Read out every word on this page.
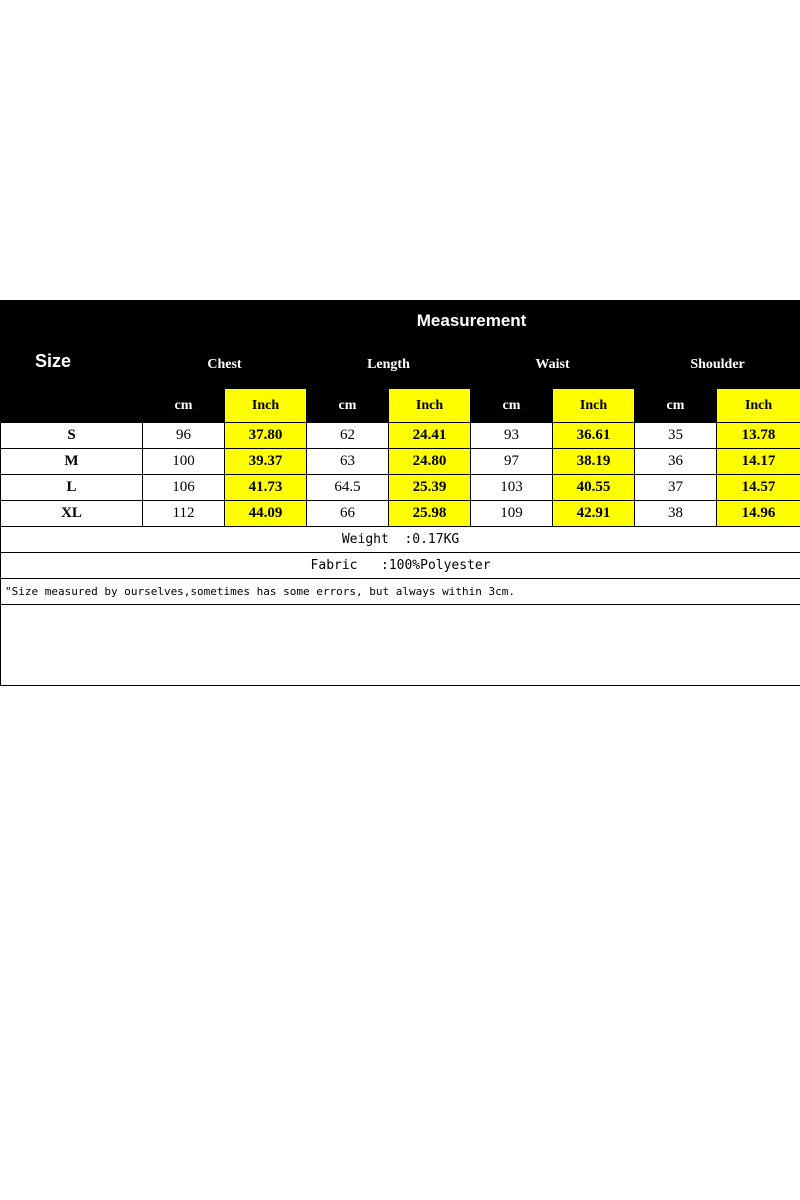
Size	Measurement							
	Chest		Length		Waist		Shoulder	
	cm	Inch	cm	Inch	cm	Inch	cm	Inch
S	96	37.80	62	24.41	93	36.61	35	13.78
M	100	39.37	63	24.80	97	38.19	36	14.17
L	106	41.73	64.5	25.39	103	40.55	37	14.57
XL	112	44.09	66	25.98	109	42.91	38	14.96
Weight  :0.17KG								
Fabric   :100%Polyester								
"Size measured by ourselves,sometimes has some errors, but always within 3cm.								
